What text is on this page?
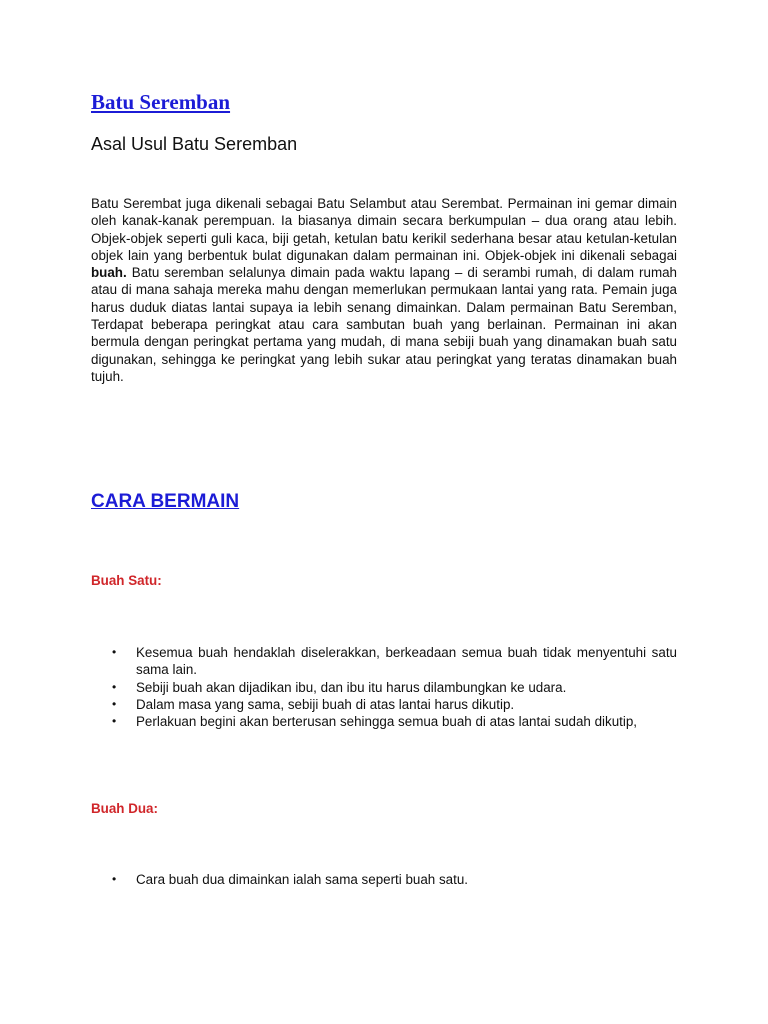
Batu Seremban
Asal Usul Batu Seremban

Batu Serembat juga dikenali sebagai Batu Selambut atau Serembat. Permainan ini gemar dimain oleh kanak-kanak perempuan. Ia biasanya dimain secara berkumpulan – dua orang atau lebih. Objek-objek seperti guli kaca, biji getah, ketulan batu kerikil sederhana besar atau ketulan-ketulan objek lain yang berbentuk bulat digunakan dalam permainan ini. Objek-objek ini dikenali sebagai buah. Batu seremban selalunya dimain pada waktu lapang – di serambi rumah, di dalam rumah atau di mana sahaja mereka mahu dengan memerlukan permukaan lantai yang rata. Pemain juga harus duduk diatas lantai supaya ia lebih senang dimainkan. Dalam permainan Batu Seremban, Terdapat beberapa peringkat atau cara sambutan buah yang berlainan. Permainan ini akan bermula dengan peringkat pertama yang mudah, di mana sebiji buah yang dinamakan buah satu digunakan, sehingga ke peringkat yang lebih sukar atau peringkat yang teratas dinamakan buah tujuh.

CARA BERMAIN
Buah Satu:
• Kesemua buah hendaklah diselerakkan, berkeadaan semua buah tidak menyentuhi satu sama lain.
• Sebiji buah akan dijadikan ibu, dan ibu itu harus dilambungkan ke udara.
• Dalam masa yang sama, sebiji buah di atas lantai harus dikutip.
• Perlakuan begini akan berterusan sehingga semua buah di atas lantai sudah dikutip,
Buah Dua:
• Cara buah dua dimainkan ialah sama seperti buah satu.
